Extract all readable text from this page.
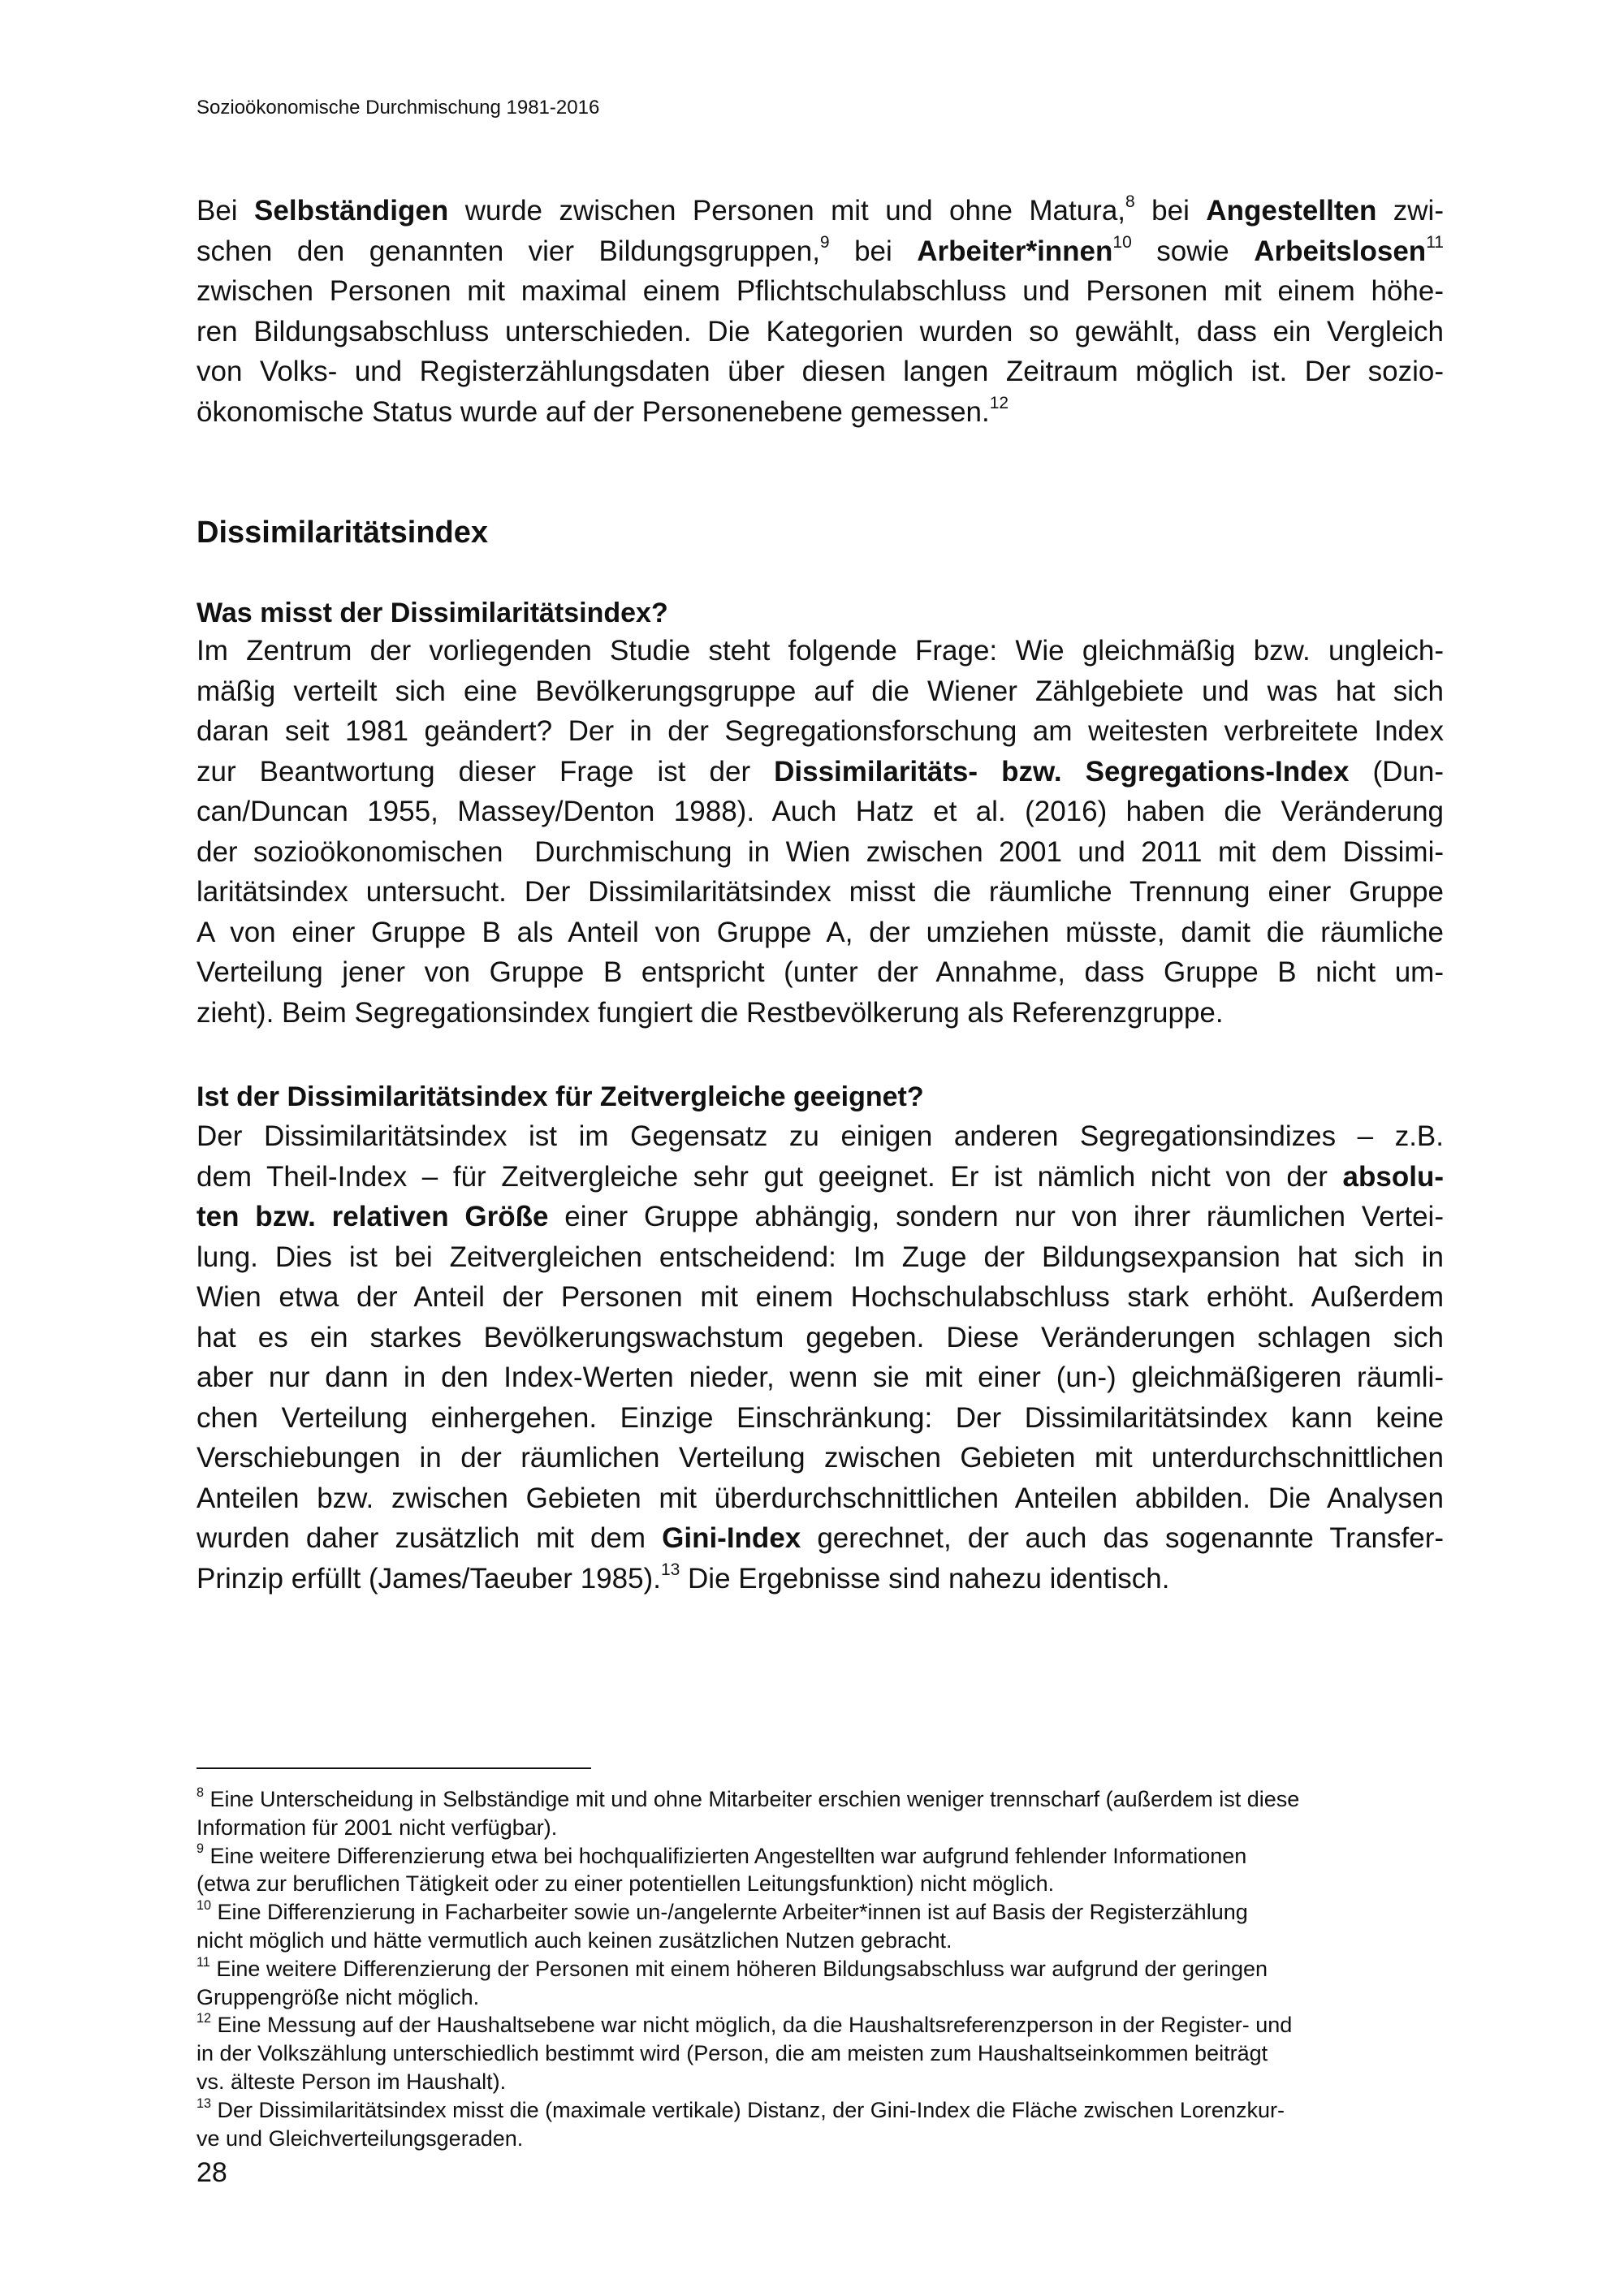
Sozioökonomische Durchmischung 1981-2016
Bei Selbständigen wurde zwischen Personen mit und ohne Matura,$^8$ bei Angestellten zwi-
schen den genannten vier Bildungsgruppen,$^9$ bei Arbeiter*innen$^{10}$ sowie Arbeitslosen$^{11}$
zwischen Personen mit maximal einem Pflichtschulabschluss und Personen mit einem höhe-
ren Bildungsabschluss unterschieden. Die Kategorien wurden so gewählt, dass ein Vergleich
von Volks- und Registerzählungsdaten über diesen langen Zeitraum möglich ist. Der sozio-
ökonomische Status wurde auf der Personenebene gemessen.$^{12}$
Dissimilaritätsindex
Was misst der Dissimilaritätsindex?
Im Zentrum der vorliegenden Studie steht folgende Frage: Wie gleichmäßig bzw. ungleich-
mäßig verteilt sich eine Bevölkerungsgruppe auf die Wiener Zählgebiete und was hat sich
daran seit 1981 geändert? Der in der Segregationsforschung am weitesten verbreitete Index
zur Beantwortung dieser Frage ist der Dissimilaritäts- bzw. Segregations-Index (Dun-
can/Duncan 1955, Massey/Denton 1988). Auch Hatz et al. (2016) haben die Veränderung
der sozioökonomischen  Durchmischung in Wien zwischen 2001 und 2011 mit dem Dissimi-
laritätsindex untersucht. Der Dissimilaritätsindex misst die räumliche Trennung einer Gruppe
A von einer Gruppe B als Anteil von Gruppe A, der umziehen müsste, damit die räumliche
Verteilung jener von Gruppe B entspricht (unter der Annahme, dass Gruppe B nicht um-
zieht). Beim Segregationsindex fungiert die Restbevölkerung als Referenzgruppe.
Ist der Dissimilaritätsindex für Zeitvergleiche geeignet?
Der Dissimilaritätsindex ist im Gegensatz zu einigen anderen Segregationsindizes – z.B.
dem Theil-Index – für Zeitvergleiche sehr gut geeignet. Er ist nämlich nicht von der absolu-
ten bzw. relativen Größe einer Gruppe abhängig, sondern nur von ihrer räumlichen Vertei-
lung. Dies ist bei Zeitvergleichen entscheidend: Im Zuge der Bildungsexpansion hat sich in
Wien etwa der Anteil der Personen mit einem Hochschulabschluss stark erhöht. Außerdem
hat es ein starkes Bevölkerungswachstum gegeben. Diese Veränderungen schlagen sich
aber nur dann in den Index-Werten nieder, wenn sie mit einer (un-) gleichmäßigeren räumli-
chen Verteilung einhergehen. Einzige Einschränkung: Der Dissimilaritätsindex kann keine
Verschiebungen in der räumlichen Verteilung zwischen Gebieten mit unterdurchschnittlichen
Anteilen bzw. zwischen Gebieten mit überdurchschnittlichen Anteilen abbilden. Die Analysen
wurden daher zusätzlich mit dem Gini-Index gerechnet, der auch das sogenannte Transfer-
Prinzip erfüllt (James/Taeuber 1985).$^{13}$ Die Ergebnisse sind nahezu identisch.
$^8$ Eine Unterscheidung in Selbständige mit und ohne Mitarbeiter erschien weniger trennscharf (außerdem ist diese
Information für 2001 nicht verfügbar).
$^9$ Eine weitere Differenzierung etwa bei hochqualifizierten Angestellten war aufgrund fehlender Informationen
(etwa zur beruflichen Tätigkeit oder zu einer potentiellen Leitungsfunktion) nicht möglich.
$^{10}$ Eine Differenzierung in Facharbeiter sowie un-/angelernte Arbeiter*innen ist auf Basis der Registerzählung
nicht möglich und hätte vermutlich auch keinen zusätzlichen Nutzen gebracht.
$^{11}$ Eine weitere Differenzierung der Personen mit einem höheren Bildungsabschluss war aufgrund der geringen
Gruppengröße nicht möglich.
$^{12}$ Eine Messung auf der Haushaltsebene war nicht möglich, da die Haushaltsreferenzperson in der Register- und
in der Volkszählung unterschiedlich bestimmt wird (Person, die am meisten zum Haushaltseinkommen beiträgt
vs. älteste Person im Haushalt).
$^{13}$ Der Dissimilaritätsindex misst die (maximale vertikale) Distanz, der Gini-Index die Fläche zwischen Lorenzkur-
ve und Gleichverteilungsgeraden.
28
